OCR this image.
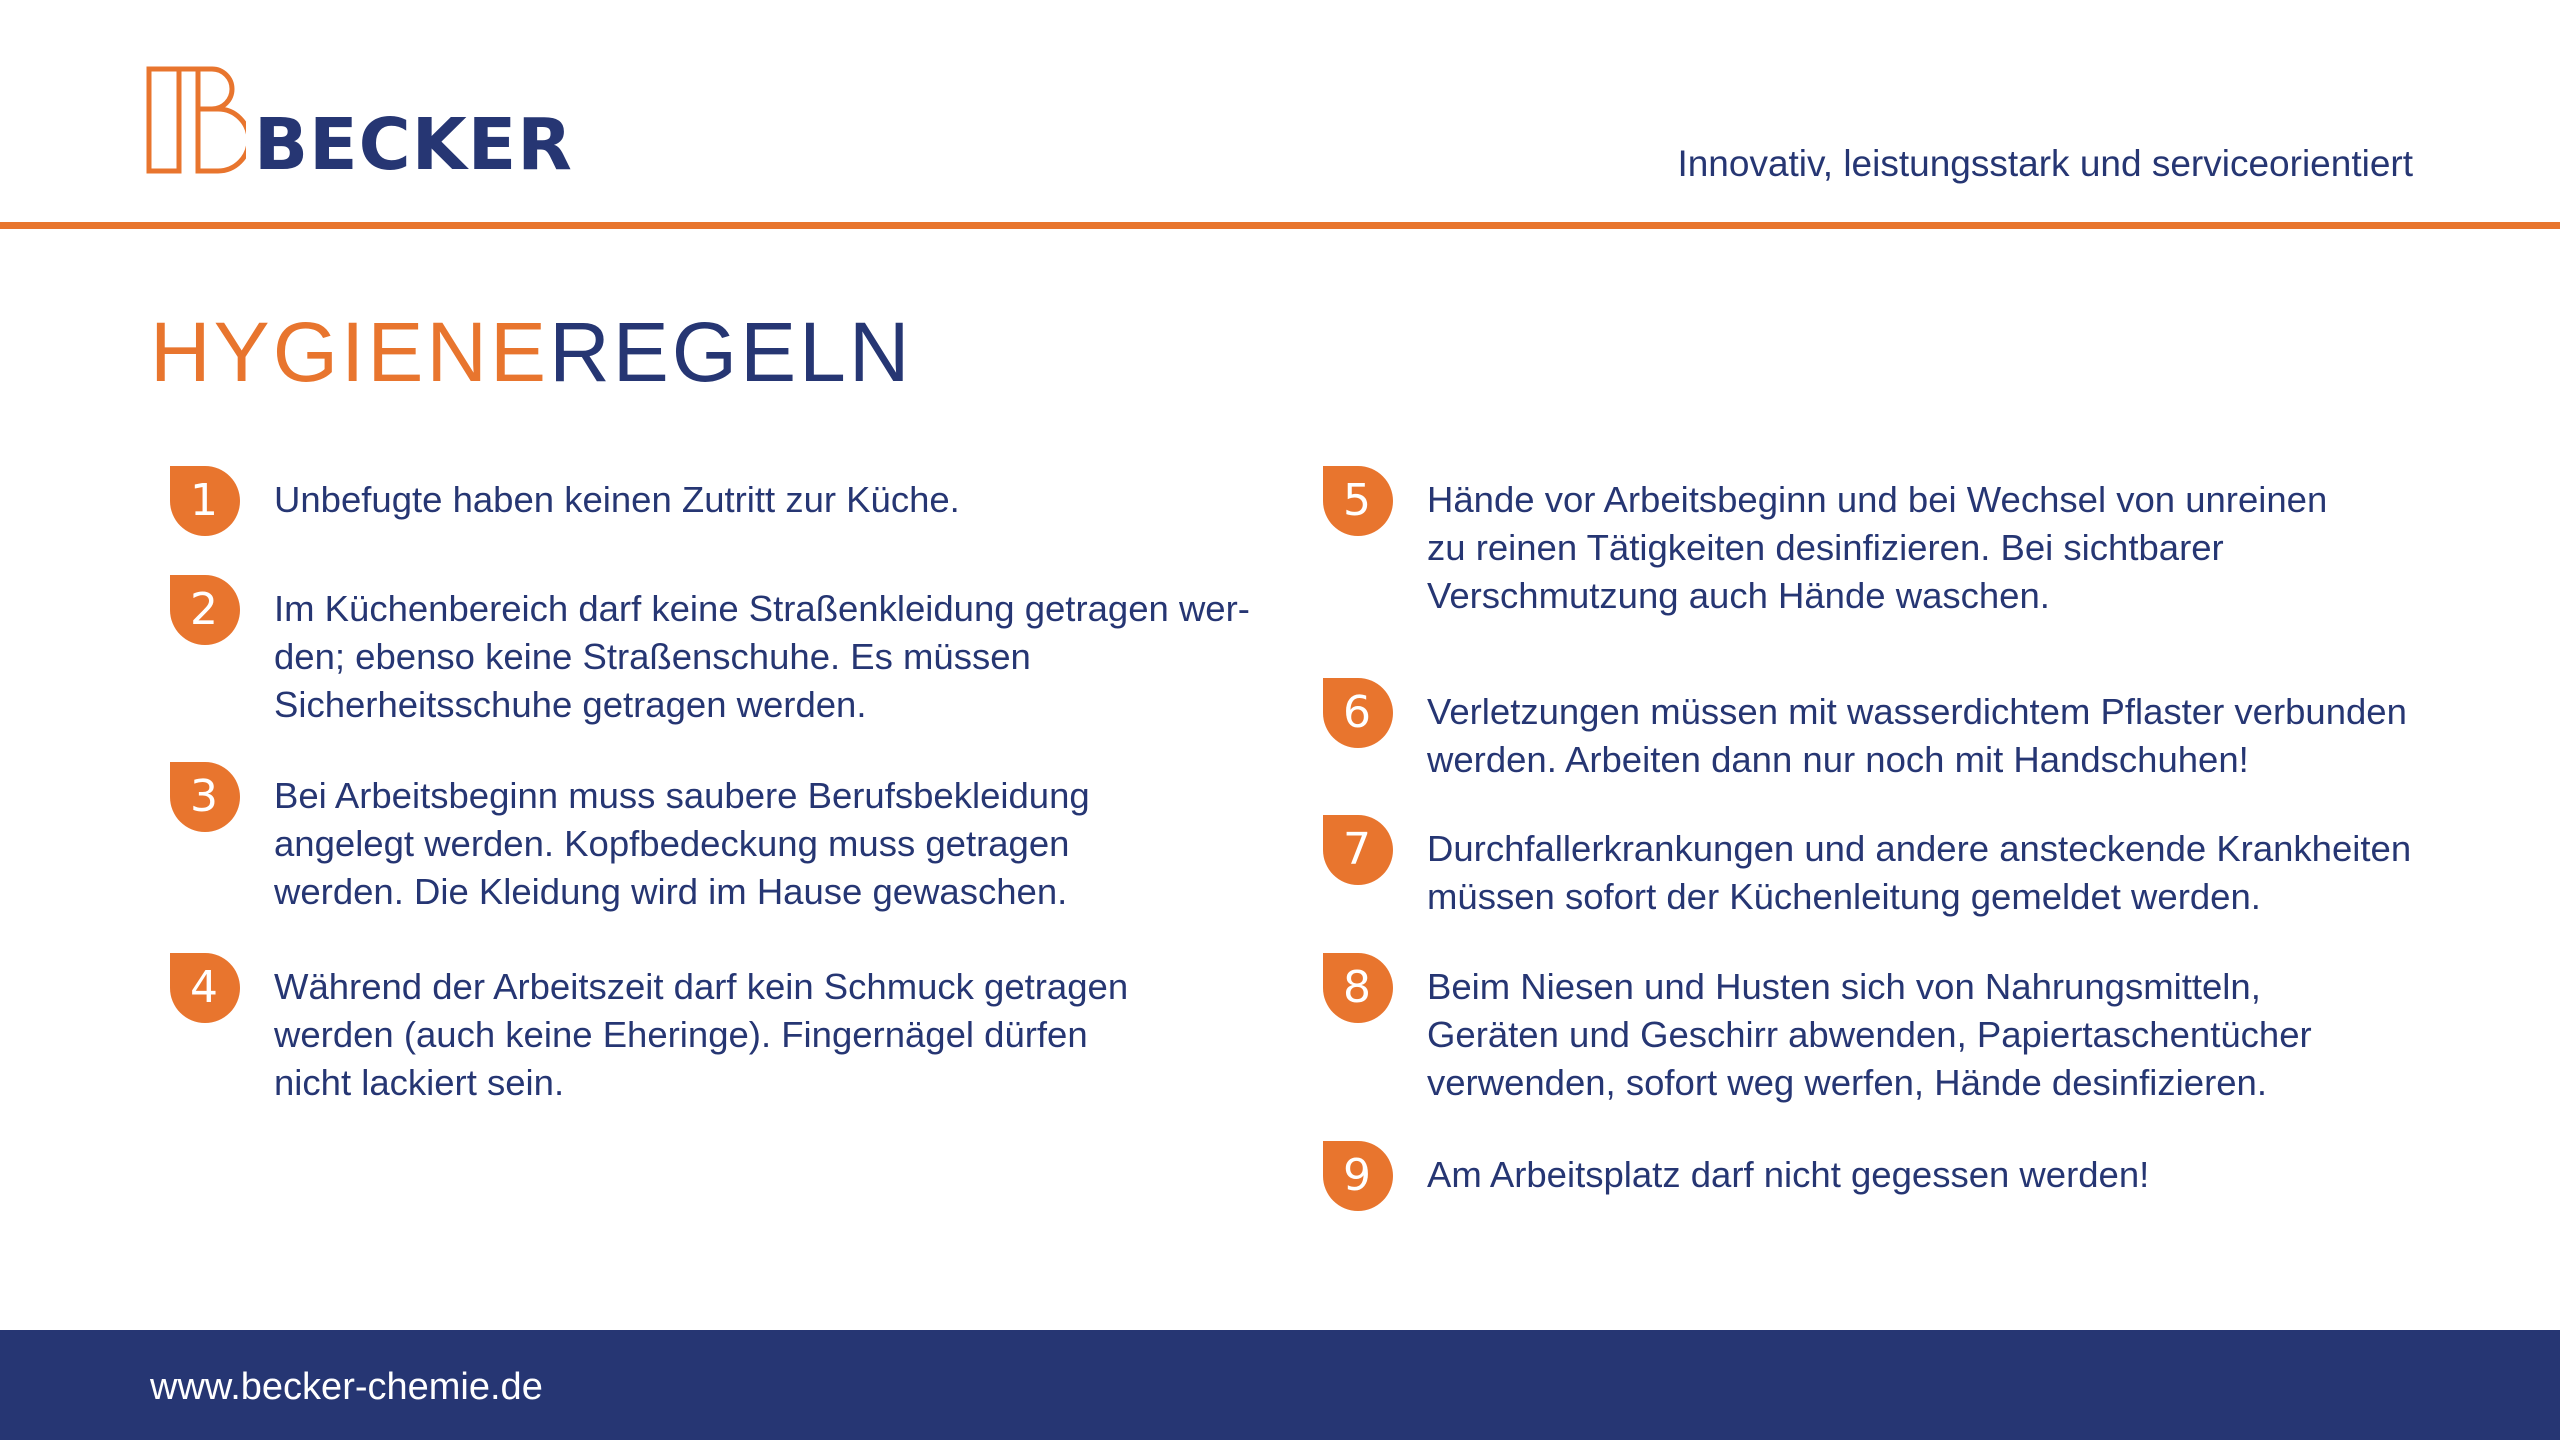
BECKER	Innovativ, leistungsstark und serviceorientiert
HYGIENEREGELN
1 Unbefugte haben keinen Zutritt zur Küche.
2 Im Küchenbereich darf keine Straßenkleidung getragen wer-
den; ebenso keine Straßenschuhe. Es müssen
Sicherheitsschuhe getragen werden.
3 Bei Arbeitsbeginn muss saubere Berufsbekleidung
angelegt werden. Kopfbedeckung muss getragen
werden. Die Kleidung wird im Hause gewaschen.
4 Während der Arbeitszeit darf kein Schmuck getragen
werden (auch keine Eheringe). Fingernägel dürfen
nicht lackiert sein.
5 Hände vor Arbeitsbeginn und bei Wechsel von unreinen
zu reinen Tätigkeiten desinfizieren. Bei sichtbarer
Verschmutzung auch Hände waschen.
6 Verletzungen müssen mit wasserdichtem Pflaster verbunden
werden. Arbeiten dann nur noch mit Handschuhen!
7 Durchfallerkrankungen und andere ansteckende Krankheiten
müssen sofort der Küchenleitung gemeldet werden.
8 Beim Niesen und Husten sich von Nahrungsmitteln,
Geräten und Geschirr abwenden, Papiertaschentücher
verwenden, sofort weg werfen, Hände desinfizieren.
9 Am Arbeitsplatz darf nicht gegessen werden!
www.becker-chemie.de
